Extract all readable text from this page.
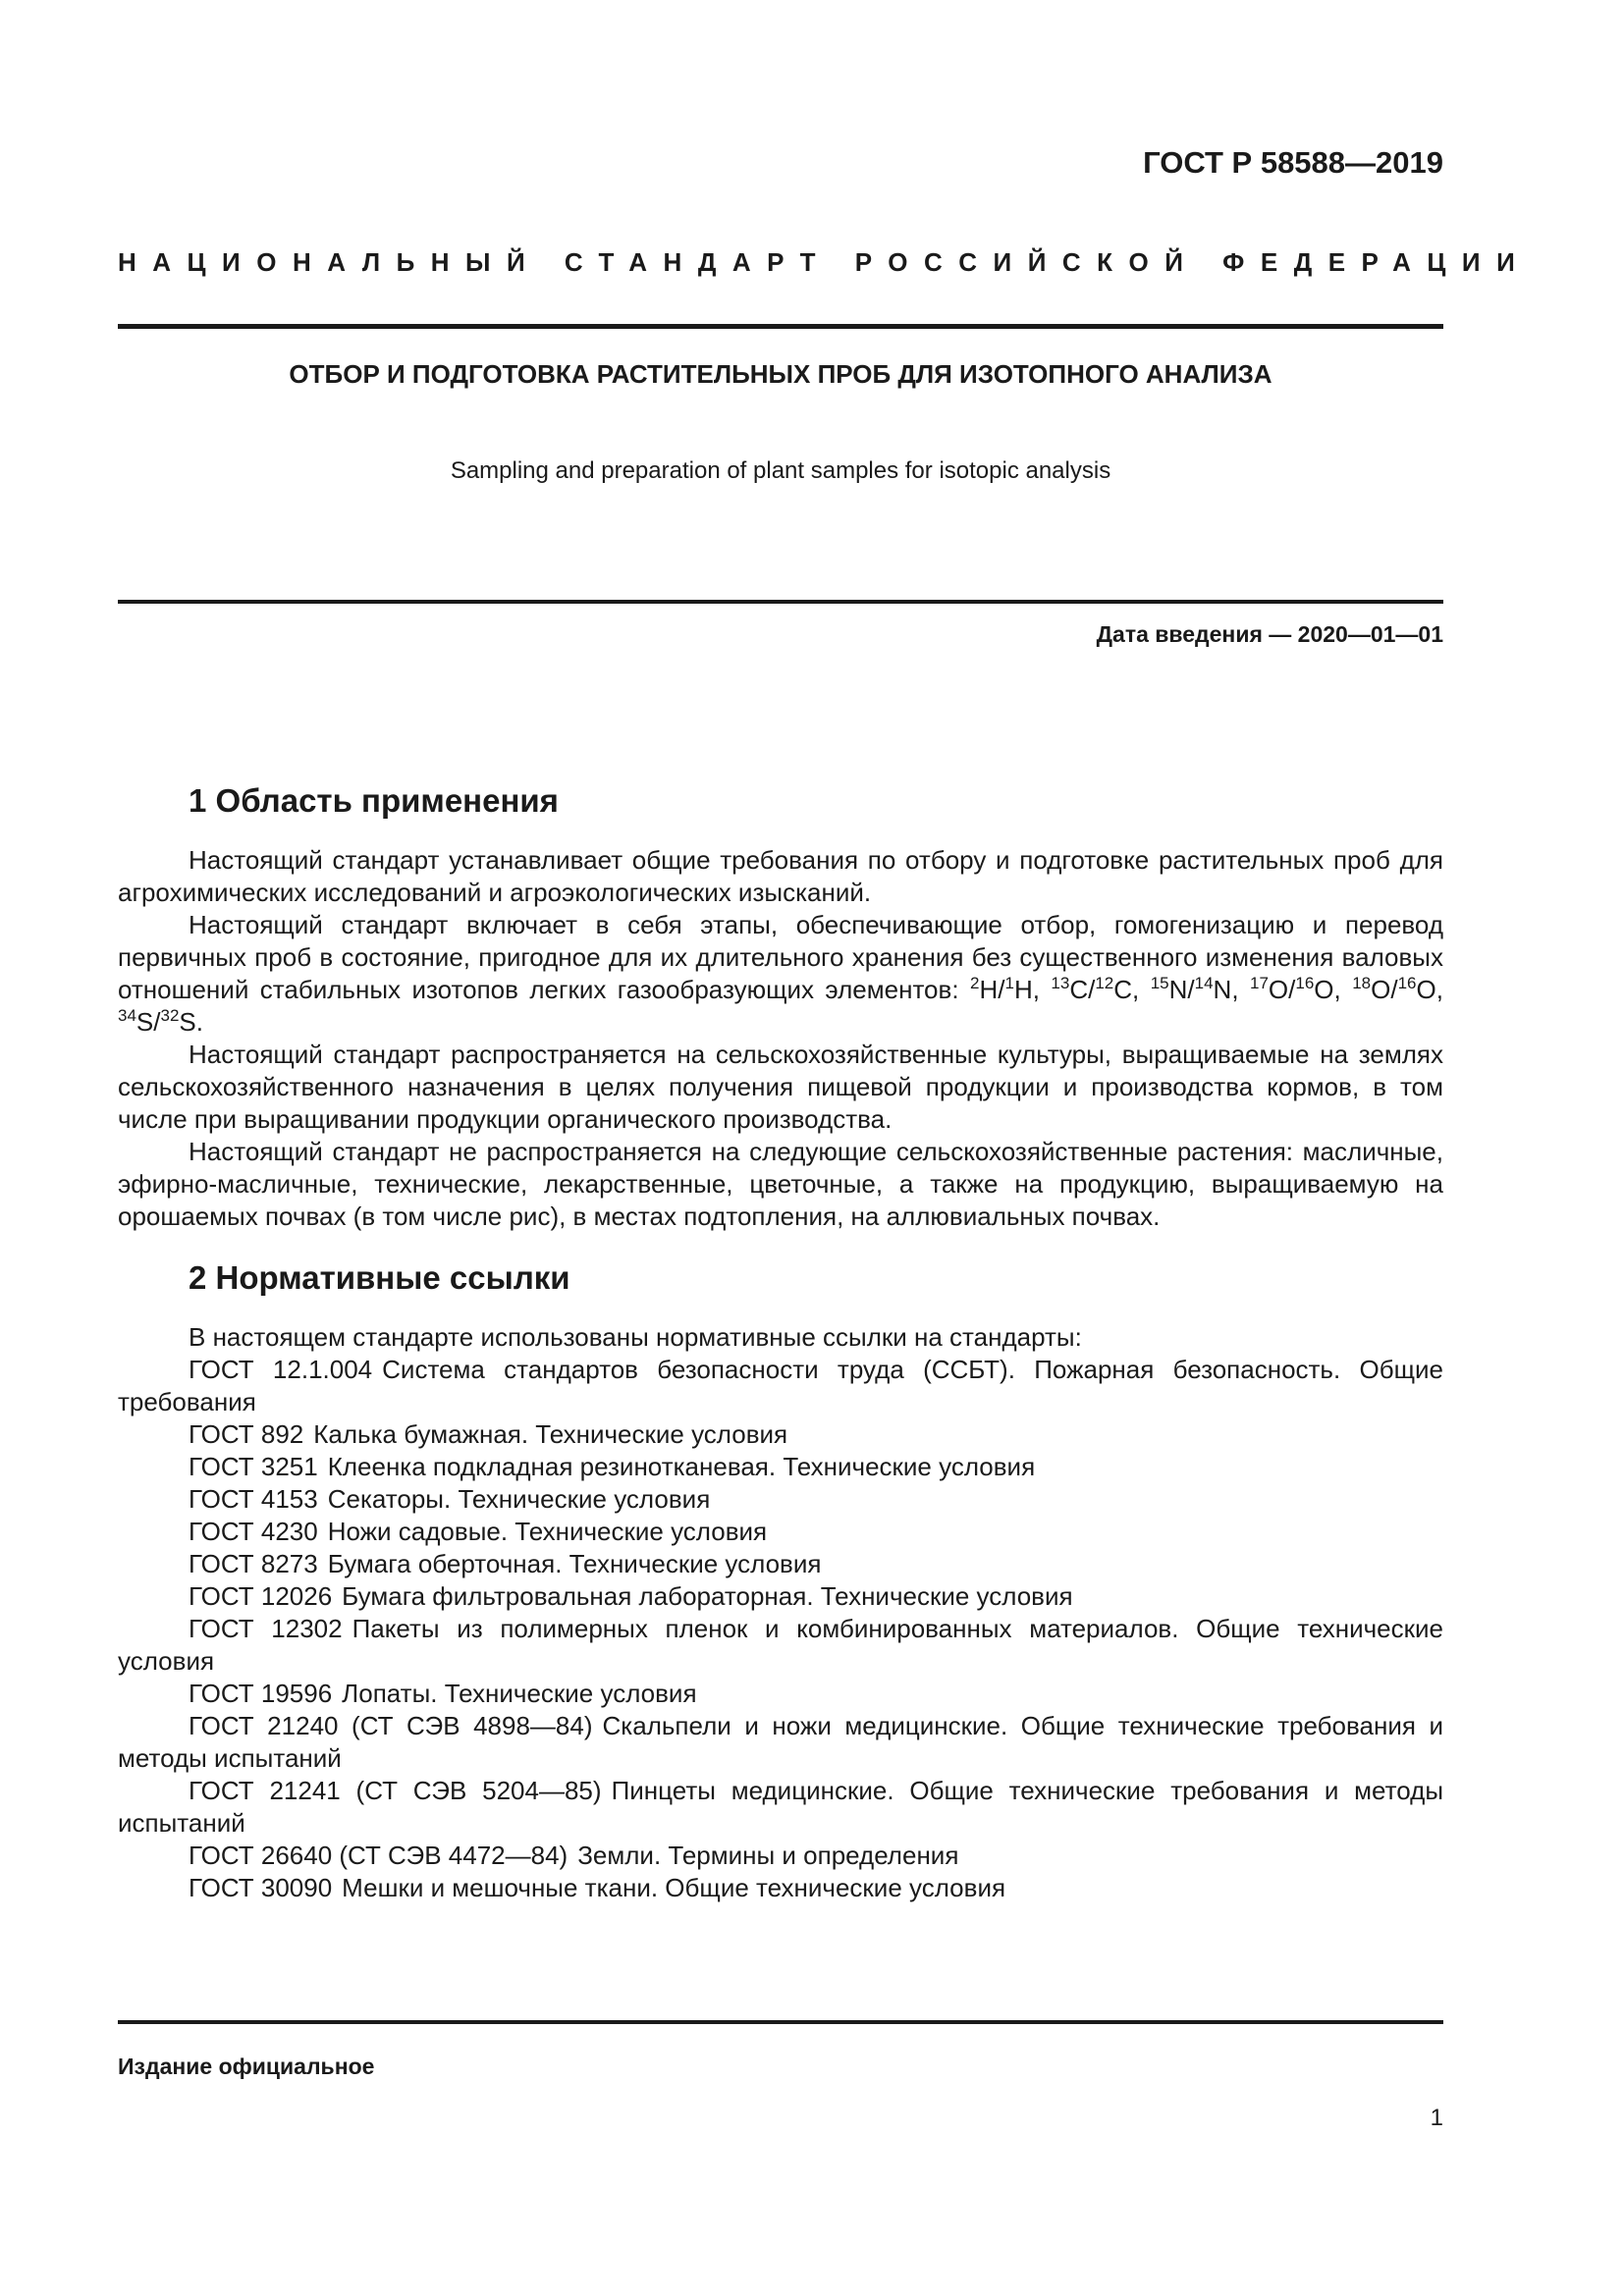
ГОСТ Р 58588—2019
НАЦИОНАЛЬНЫЙ СТАНДАРТ РОССИЙСКОЙ ФЕДЕРАЦИИ
ОТБОР И ПОДГОТОВКА РАСТИТЕЛЬНЫХ ПРОБ ДЛЯ ИЗОТОПНОГО АНАЛИЗА
Sampling and preparation of plant samples for isotopic analysis
Дата введения — 2020—01—01
1 Область применения

Настоящий стандарт устанавливает общие требования по отбору и подготовке растительных проб для агрохимических исследований и агроэкологических изысканий.

Настоящий стандарт включает в себя этапы, обеспечивающие отбор, гомогенизацию и перевод первичных проб в состояние, пригодное для их длительного хранения без существенного изменения валовых отношений стабильных изотопов легких газообразующих элементов: $^2$H/$^1$H, $^{13}$C/$^{12}$C, $^{15}$N/$^{14}$N, $^{17}$O/$^{16}$O, $^{18}$O/$^{16}$O, $^{34}$S/$^{32}$S.

Настоящий стандарт распространяется на сельскохозяйственные культуры, выращиваемые на землях сельскохозяйственного назначения в целях получения пищевой продукции и производства кормов, в том числе при выращивании продукции органического производства.

Настоящий стандарт не распространяется на следующие сельскохозяйственные растения: масличные, эфирно-масличные, технические, лекарственные, цветочные, а также на продукцию, выращиваемую на орошаемых почвах (в том числе рис), в местах подтопления, на аллювиальных почвах.

2 Нормативные ссылки

В настоящем стандарте использованы нормативные ссылки на стандарты:

ГОСТ 12.1.004 Система стандартов безопасности труда (ССБТ). Пожарная безопасность. Общие требования

ГОСТ 892 Калька бумажная. Технические условия

ГОСТ 3251 Клеенка подкладная резинотканевая. Технические условия

ГОСТ 4153 Секаторы. Технические условия

ГОСТ 4230 Ножи садовые. Технические условия

ГОСТ 8273 Бумага оберточная. Технические условия

ГОСТ 12026 Бумага фильтровальная лабораторная. Технические условия

ГОСТ 12302 Пакеты из полимерных пленок и комбинированных материалов. Общие технические условия

ГОСТ 19596 Лопаты. Технические условия

ГОСТ 21240 (СТ СЭВ 4898—84) Скальпели и ножи медицинские. Общие технические требования и методы испытаний

ГОСТ 21241 (СТ СЭВ 5204—85) Пинцеты медицинские. Общие технические требования и методы испытаний

ГОСТ 26640 (СТ СЭВ 4472—84) Земли. Термины и определения

ГОСТ 30090 Мешки и мешочные ткани. Общие технические условия

Издание официальное
1
